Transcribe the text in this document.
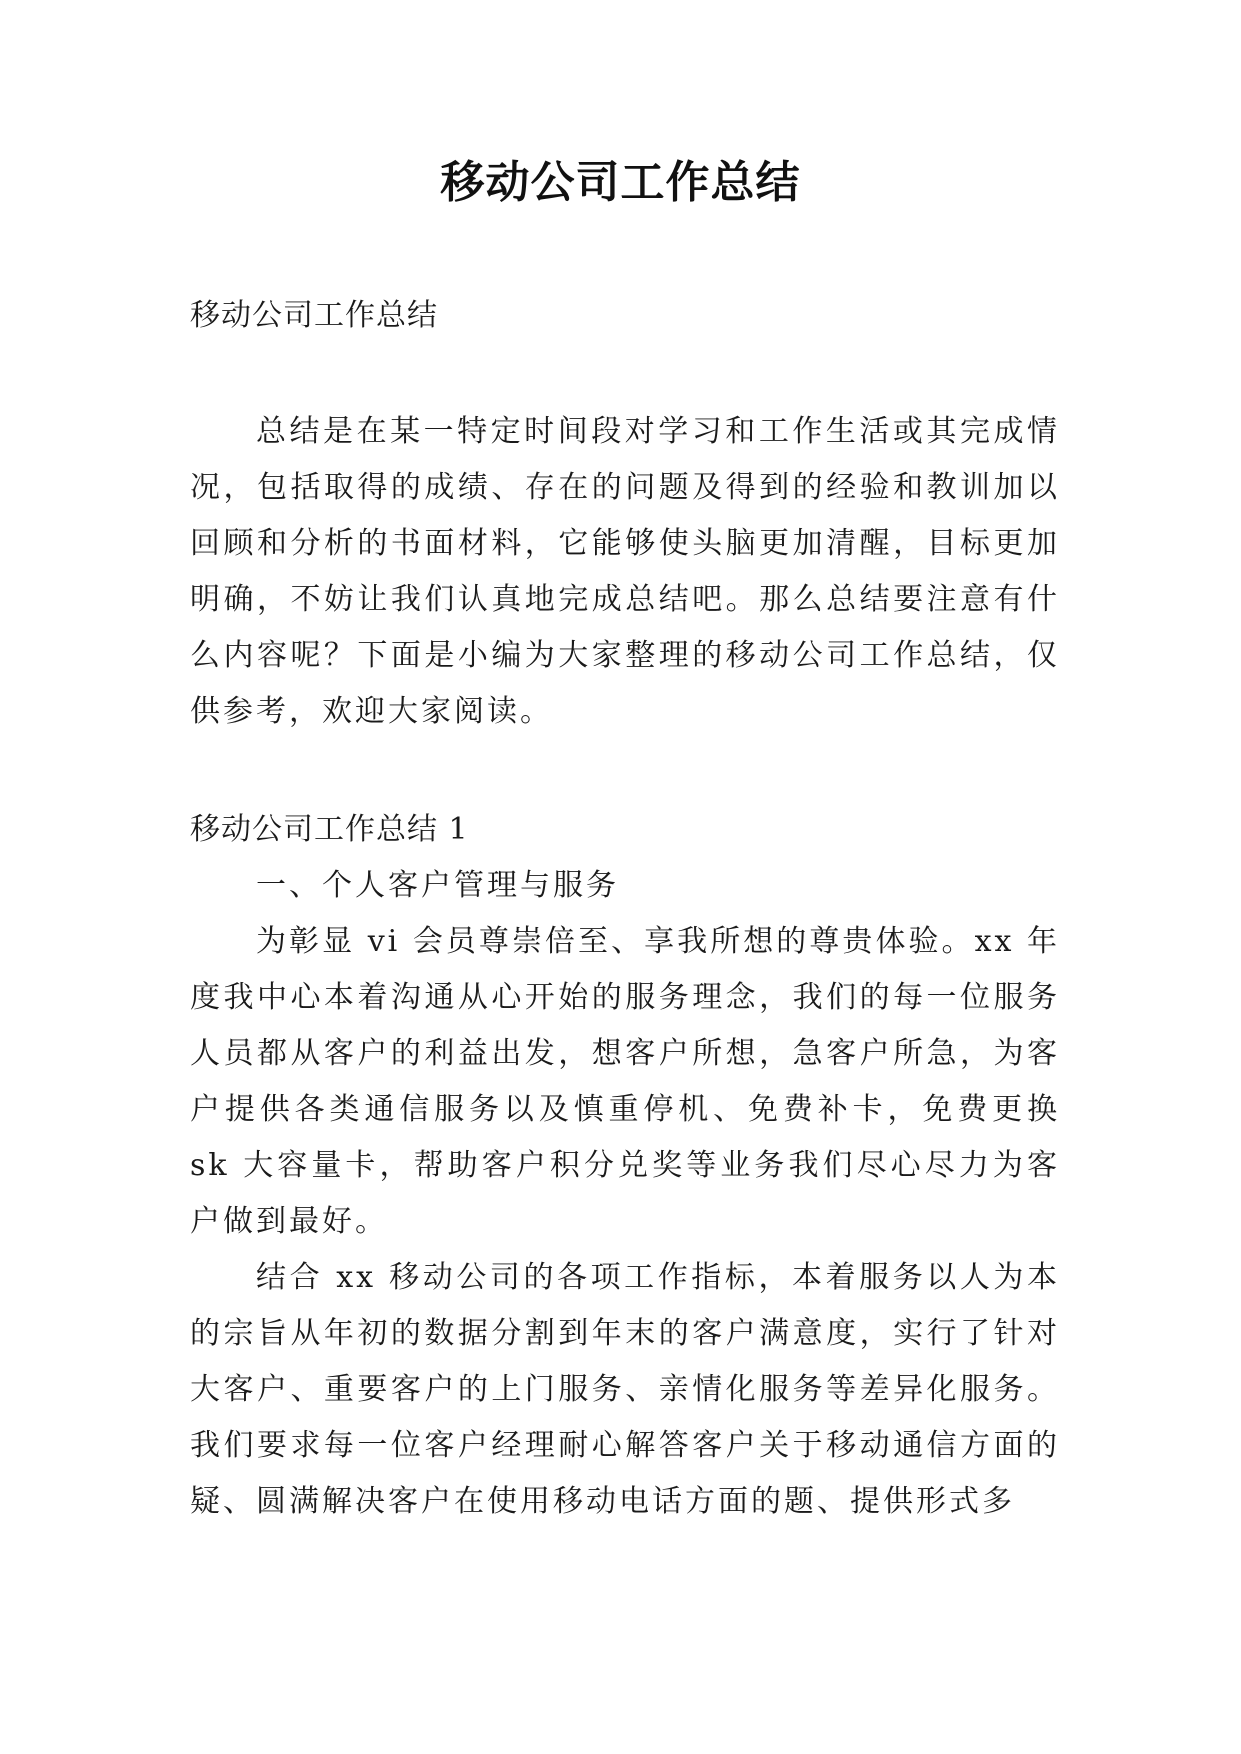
移动公司工作总结

移动公司工作总结

总结是在某一特定时间段对学习和工作生活或其完成情况，包括取得的成绩、存在的问题及得到的经验和教训加以回顾和分析的书面材料，它能够使头脑更加清醒，目标更加明确，不妨让我们认真地完成总结吧。那么总结要注意有什么内容呢？下面是小编为大家整理的移动公司工作总结，仅供参考，欢迎大家阅读。

移动公司工作总结 1

一、个人客户管理与服务

为彰显 vi 会员尊崇倍至、享我所想的尊贵体验。xx 年度我中心本着沟通从心开始的服务理念，我们的每一位服务人员都从客户的利益出发，想客户所想，急客户所急，为客户提供各类通信服务以及慎重停机、免费补卡，免费更换 sk 大容量卡，帮助客户积分兑奖等业务我们尽心尽力为客户做到最好。

结合 xx 移动公司的各项工作指标，本着服务以人为本的宗旨从年初的数据分割到年末的客户满意度，实行了针对大客户、重要客户的上门服务、亲情化服务等差异化服务。我们要求每一位客户经理耐心解答客户关于移动通信方面的疑、圆满解决客户在使用移动电话方面的题、提供形式多
